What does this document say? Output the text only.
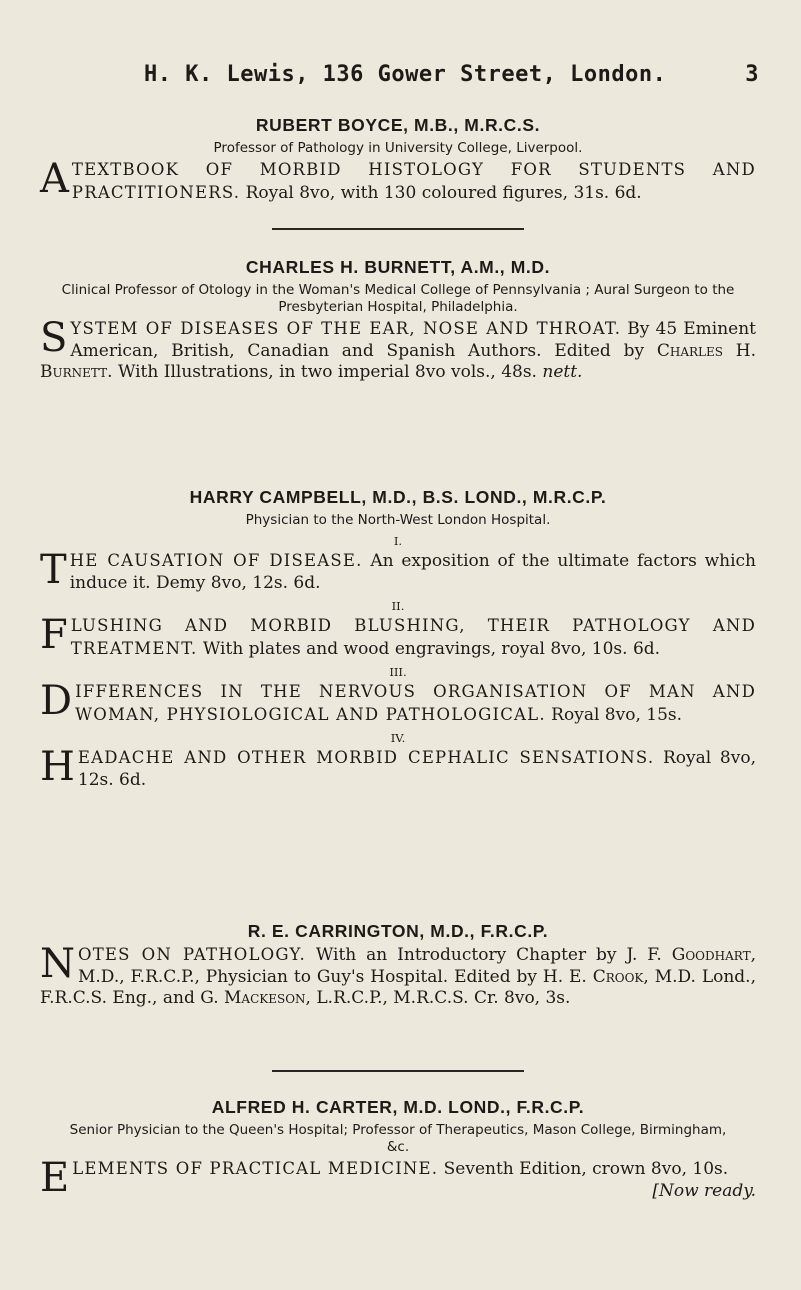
H. K. Lewis, 136 Gower Street, London.	3

RUBERT BOYCE, M.B., M.R.C.S.

Professor of Pathology in University College, Liverpool.

ATEXTBOOK OF MORBID HISTOLOGY FOR STUDENTS AND PRACTITIONERS. Royal 8vo, with 130 coloured figures, 31s. 6d.

CHARLES H. BURNETT, A.M., M.D.

Clinical Professor of Otology in the Woman's Medical College of Pennsylvania ; Aural Surgeon to the Presbyterian Hospital, Philadelphia.

SYSTEM OF DISEASES OF THE EAR, NOSE AND THROAT. By 45 Eminent American, British, Canadian and Spanish Authors. Edited by Charles H. Burnett. With Illustrations, in two imperial 8vo vols., 48s. nett.

HARRY CAMPBELL, M.D., B.S. LOND., M.R.C.P.

Physician to the North-West London Hospital.

I.

THE CAUSATION OF DISEASE. An exposition of the ultimate factors which induce it. Demy 8vo, 12s. 6d.

II.

FLUSHING AND MORBID BLUSHING, THEIR PATHOLOGY AND TREATMENT. With plates and wood engravings, royal 8vo, 10s. 6d.

III.

DIFFERENCES IN THE NERVOUS ORGANISATION OF MAN AND WOMAN, PHYSIOLOGICAL AND PATHOLOGICAL. Royal 8vo, 15s.

IV.

HEADACHE AND OTHER MORBID CEPHALIC SENSATIONS. Royal 8vo, 12s. 6d.

R. E. CARRINGTON, M.D., F.R.C.P.

NOTES ON PATHOLOGY. With an Introductory Chapter by J. F. Goodhart, M.D., F.R.C.P., Physician to Guy's Hospital. Edited by H. E. Crook, M.D. Lond., F.R.C.S. Eng., and G. Mackeson, L.R.C.P., M.R.C.S. Cr. 8vo, 3s.

ALFRED H. CARTER, M.D. LOND., F.R.C.P.

Senior Physician to the Queen's Hospital; Professor of Therapeutics, Mason College, Birmingham, &c.

ELEMENTS OF PRACTICAL MEDICINE. Seventh Edition, crown 8vo, 10s.
[Now ready.
